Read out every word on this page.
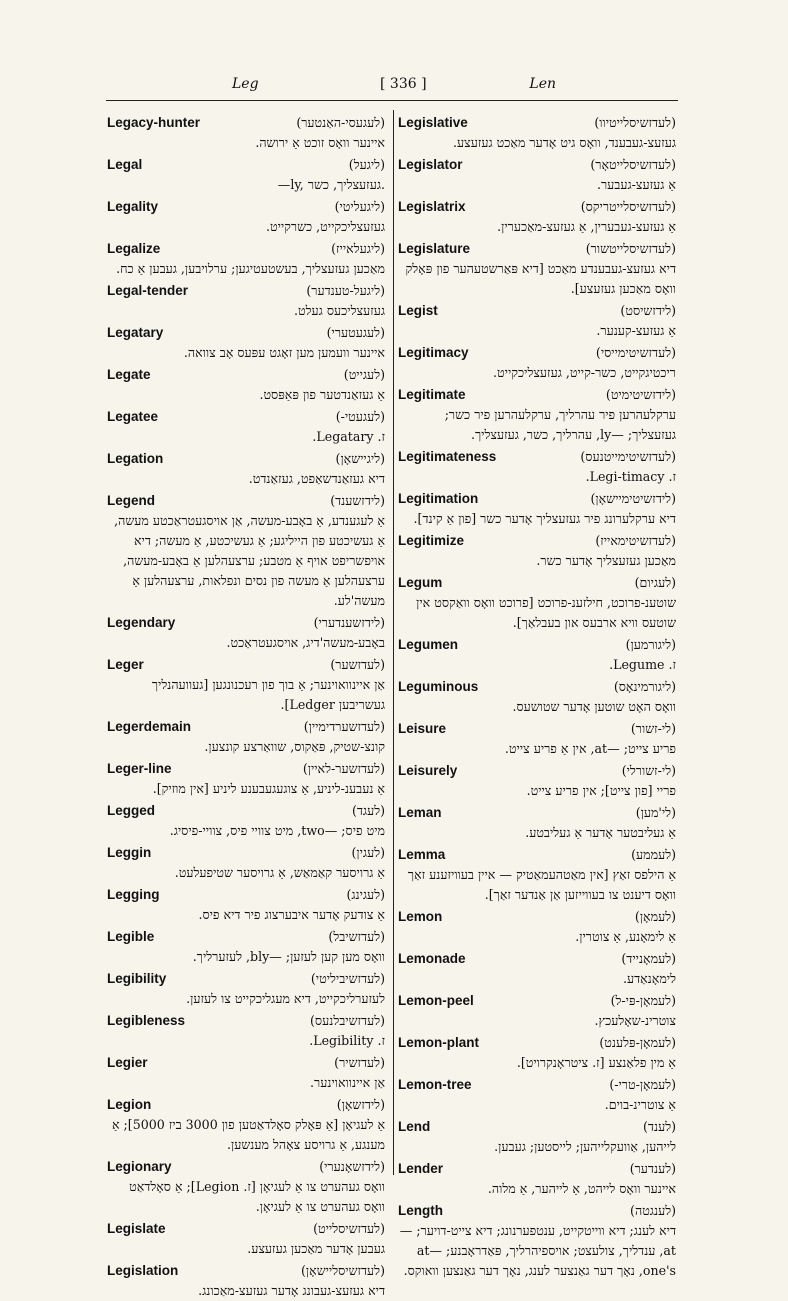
Leg	[ 336 ]	Len
Legacy-hunter	(לעגעסי-האַנטער)
איינער וואָס זוכט אַ ירושה.
Legal	(ליגעל)
—ly, געזעצליך, כשר.
Legality	(ליגעליטי)
געזעצליכקייט, כשרקייט.
Legalize	(ליגעלאייז)
מאַכען געזעצליך, בעשטעטיגען; ערלויבען, געבען אַ כח.
Legal-tender	(ליגעל-טענדער)
געזעצליכעס געלט.
Legatary	(לעגעטערי)
איינער וועמען מען זאָגט עפּעס אָב צוואה.
Legate	(לעגייט)
אַ געזאַנדטער פון פּאַפּסט.
Legatee	(לעגעטי-)
ז. Legatary.
Legation	(ליגיישאָן)
דיא געזאַנדשאַפט, געזאַנדט.
Legend	(לידזשענד)
אַ לעגענדע, אַ באָבע-מעשה, אַן אויסגעטראַכטע מעשה, אַ געשיכטע פון הייליגע; אַ געשיכטע, אַ מעשה; דיא אויפשריפט אויף אַ מטבע; ערצעהלען אַ באָבע-מעשה, ערצעהלען אַ מעשה פון נסים ונפלאות, ערצעהלען אַ מעשה'לע.
Legendary	(לידזשענדערי)
באָבע-מעשה'דיג, אויסגעטראַכט.
Leger	(לעדזשער)
אַן איינוואוינער; אַ בוך פון רעכנונגען [געוועהנליך געשריבען Ledger].
Legerdemain	(לעדזשערדימיין)
קונצ-שטיק, פּאַקוס, שוואַרצע קונצען.
Leger-line	(לעדזשער-לאיין)
אַ נעבענ-ליניע, אַ צוגעגעבענע ליניע [אין מוזיק].
Legged	(לעגד)
מיט פיס; —two, מיט צוויי פיס, צוויי-פיסיג.
Leggin	(לעגין)
אַ גרויסער קאַמאַש, אַ גרויסער שטיפעלעט.
Legging	(לעגינג)
אַ צודעק אָדער איבערצוג פיר דיא פיס.
Legible	(לעדזשיבל)
וואָס מען קען לעזען; —bly, לעזערליך.
Legibility	(לעדזשיביליטי)
לעזערליכקייט, דיא מעגליכקייט צו לעזען.
Legibleness	(לעדזשיבלנעס)
ז. Legibility.
Legier	(לעדזשיר)
אַן איינוואוינער.
Legion	(לידזשאָן)
אַ לעגיאָן [אַ פּאָלק סאָלדאַטען פון 3000 ביז 5000]; אַ מענגע, אַ גרויסע צאָהל מענשען.
Legionary	(לידזשאָנערי)
וואָס געהערט צו אַ לעגיאָן [ז. Legion]; אַ סאָלדאַט וואָס געהערט צו אַ לעגיאָן.
Legislate	(לעדזשיסלייט)
געבען אָדער מאַכען געזעצע.
Legislation	(לעדזשיסליישאָן)
דיא געזעצ-געבונג אָדער געזעצ-מאַכונג.
Legislative	(לעדזשיסלייטיוו)
געזעצ-געבענד, וואָס גיט אָדער מאַכט געזעצע.
Legislator	(לעדזשיסלייטאָר)
אַ געזעצ-געבער.
Legislatrix	(לעדזשיסלייטריקס)
אַ געזעצ-געבערין, אַ געזעצ-מאַכערין.
Legislature	(לעדזשיסלייטשור)
דיא געזעצ-געבענדע מאַכט [דיא פּאַרשטעהער פון פּאָלק וואָס מאַכען געזעצע].
Legist	(לידזשיסט)
אַ געזעצ-קענער.
Legitimacy	(לעדזשיטימייסי)
ריכטיגקייט, כשר-קייט, געזעצליכקייט.
Legitimate	(לידזשיטימיט)
ערקלעהרען פיר עהרליך, ערקלעהרען פיר כשר; געזעצליך; —ly, עהרליך, כשר, געזעצליך.
Legitimateness	(לעדזשיטימייטנעס)
ז. Legi-timacy.
Legitimation	(לידזשיטימיישאָן)
דיא ערקלערונג פיר געזעצליך אָדער כשר [פון אַ קינד].
Legitimize	(לעדזשיטימאייז)
מאַכען געזעצליך אָדער כשר.
Legum	(לעגיום)
שוטענ-פרוכט, חילזענ-פרוכט [פרוכט וואָס וואַקסט אין שוטעס וויא ארבעס און בעבלאַך].
Legumen	(ליגורמען)
ז. Legume.
Leguminous	(ליגורמינאָס)
וואָס האָט שוטען אָדער שטושעס.
Leisure	(לי-זשור)
פריע צייט; —at, אין אַ פריע צייט.
Leisurely	(לי-זשורלי)
פריי [פון צייט]; אין פריע צייט.
Leman	(לי'מען)
אַ געליבטער אָדער אַ געליבטע.
Lemma	(לעממע)
אַ הילפס זאַץ [אין מאַטהעמאַטיק — איין בעוויזענע זאַך וואָס דיענט צו בעווייזען אַן אַנדער זאַך].
Lemon	(לעמאָן)
אַ לימאָנע, אַ צוטרין.
Lemonade	(לעמאָנייד)
לימאָנאַדע.
Lemon-peel	(לעמאָן-פּי-ל)
צוטרינ-שאָלעכץ.
Lemon-plant	(לעמאָן-פּלענט)
אַ מין פלאַנצע [ז. ציטראָנקרויט].
Lemon-tree	(לעמאָן-טרי-)
אַ צוטרינ-בוים.
Lend	(לענד)
לייהען, אַוועקלייהען; לייסטען; געבען.
Lender	(לענדער)
איינער וואָס לייהט, אַ לייהער, אַ מלוה.
Length	(לענגטה)
דיא לענג; דיא ווייטקייט, ענטפערנונג; דיא צייט-דויער; —at, ענדליך, צולעצט; אויספיהרליך, פּאַדראָבנע; —at one's, נאָך דער גאַנצער לענג, נאָך דער גאַנצען וואוקס.
